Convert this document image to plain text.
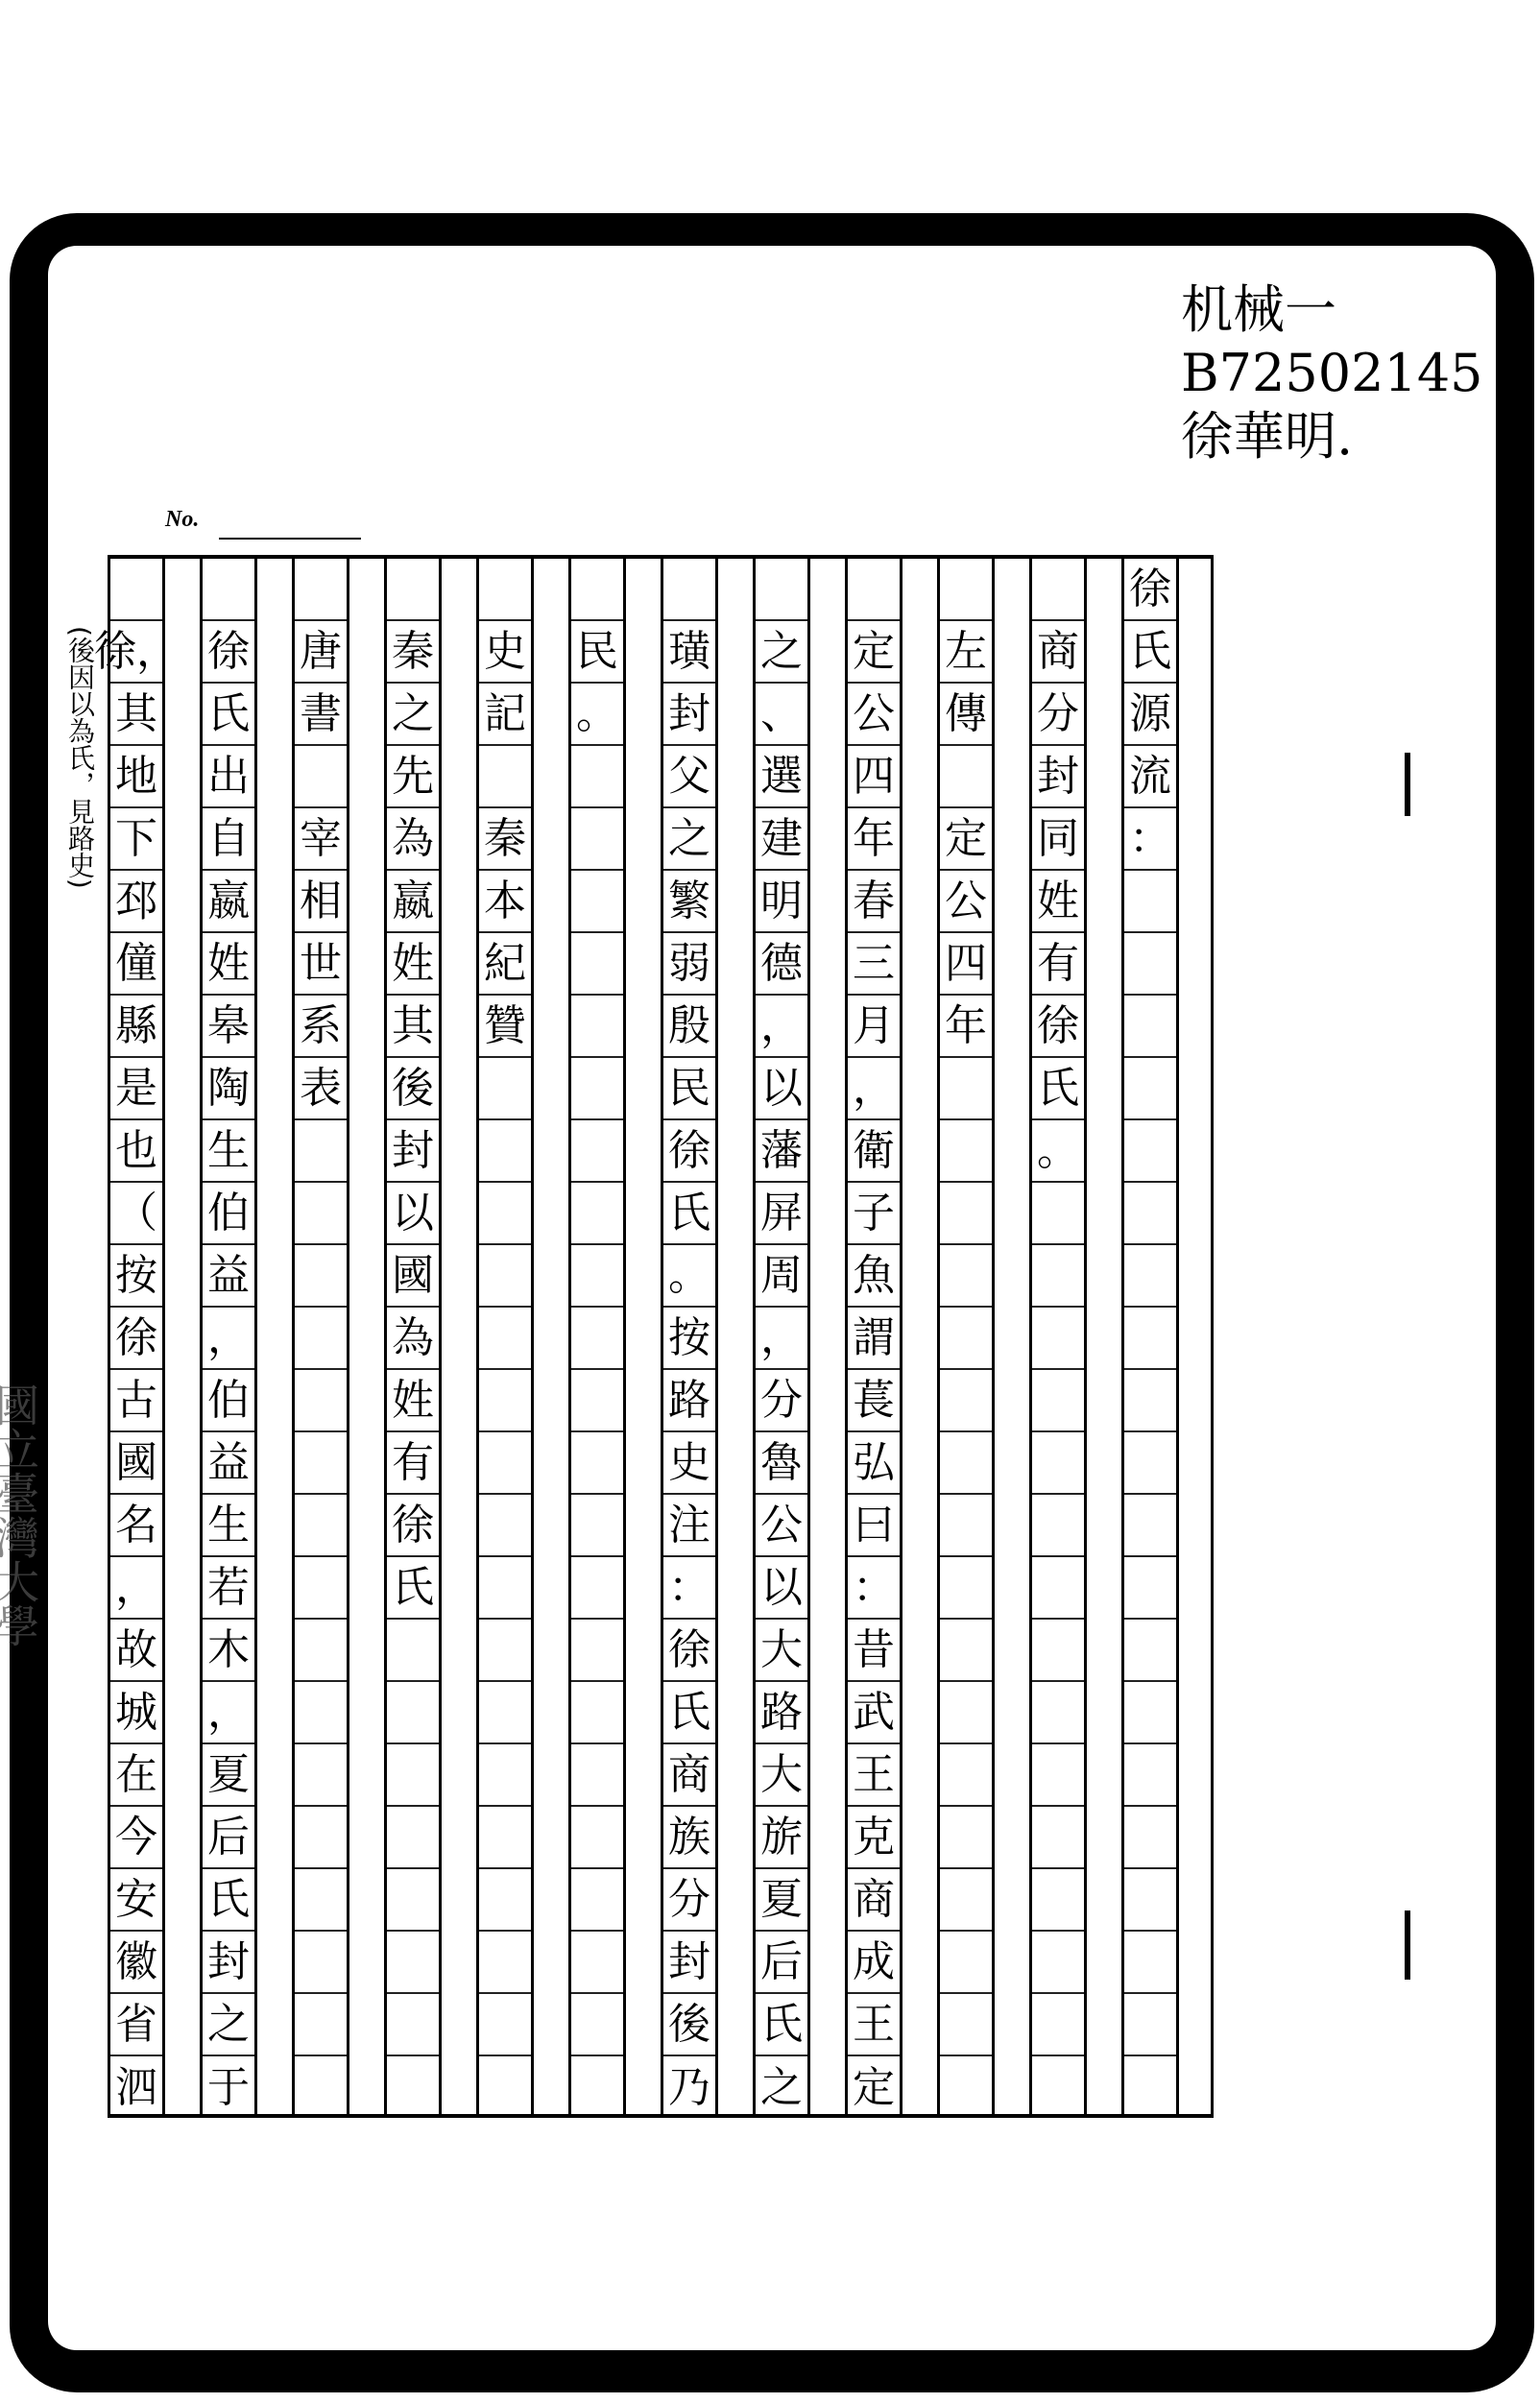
机械一
B72502145
徐華明.
No.
徐
氏
源
流
：
商
分
封
同
姓
有
徐
氏
。
左
傳
定
公
四
年
定
公
四
年
春
三
月
，
衛
子
魚
謂
萇
弘
曰
：
昔
武
王
克
商
成
王
定
之
、
選
建
明
德
，
以
藩
屏
周
，
分
魯
公
以
大
路
大
旂
夏
后
氏
之
璜
封
父
之
繁
弱
殷
民
徐
氏
。
按
路
史
注
：
徐
氏
商
族
分
封
後
乃
民
。
史
記
秦
本
紀
贊
秦
之
先
為
嬴
姓
其
後
封
以
國
為
姓
有
徐
氏
唐
書
宰
相
世
系
表
徐
氏
出
自
嬴
姓
皋
陶
生
伯
益
，
伯
益
生
若
木
，
夏
后
氏
封
之
于
徐，
其
地
下
邳
僮
縣
是
也
（
按
徐
古
國
名
，
故
城
在
今
安
徽
省
泗
(後因以為氏，見路史)
